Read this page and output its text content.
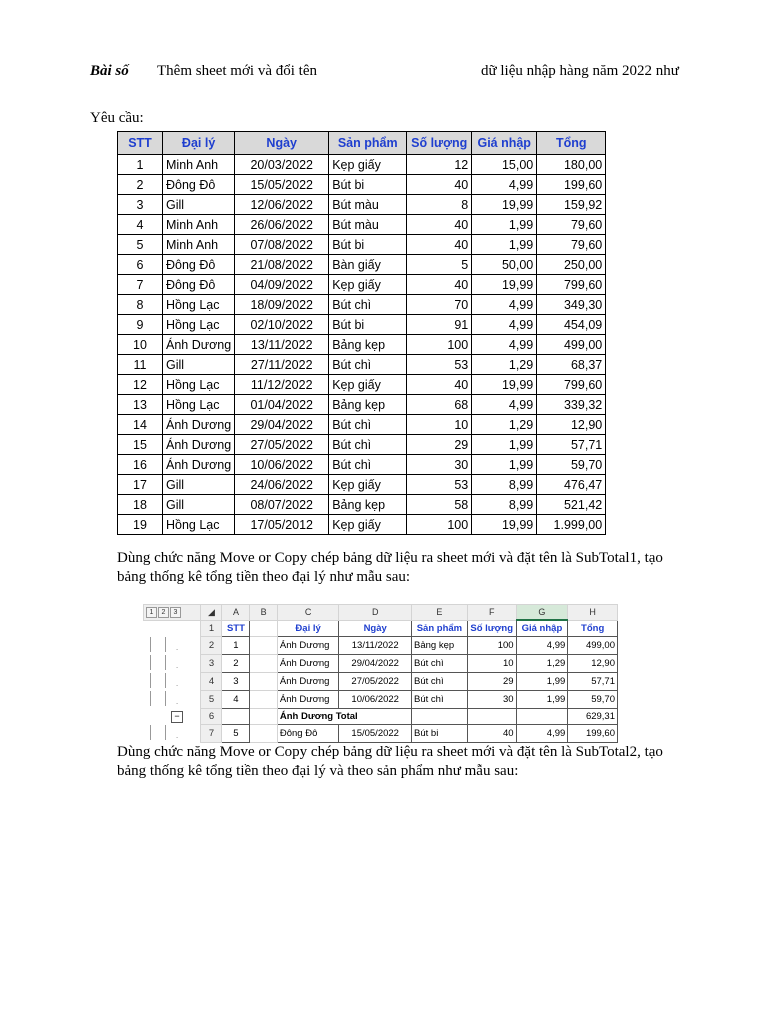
Bài số Thêm sheet mới và đổi tên	dữ liệu nhập hàng năm 2022 như
Yêu cầu:
STT	Đại lý	Ngày	Sản phẩm	Số lượng	Giá nhập	Tổng
1	Minh Anh	20/03/2022	Kẹp giấy	12	15,00	180,00
2	Đông Đô	15/05/2022	Bút bi	40	4,99	199,60
3	Gill	12/06/2022	Bút màu	8	19,99	159,92
4	Minh Anh	26/06/2022	Bút màu	40	1,99	79,60
5	Minh Anh	07/08/2022	Bút bi	40	1,99	79,60
6	Đông Đô	21/08/2022	Bàn giấy	5	50,00	250,00
7	Đông Đô	04/09/2022	Kẹp giấy	40	19,99	799,60
8	Hồng Lạc	18/09/2022	Bút chì	70	4,99	349,30
9	Hồng Lạc	02/10/2022	Bút bi	91	4,99	454,09
10	Ánh Dương	13/11/2022	Bảng kẹp	100	4,99	499,00
11	Gill	27/11/2022	Bút chì	53	1,29	68,37
12	Hồng Lạc	11/12/2022	Kẹp giấy	40	19,99	799,60
13	Hồng Lạc	01/04/2022	Bảng kẹp	68	4,99	339,32
14	Ánh Dương	29/04/2022	Bút chì	10	1,29	12,90
15	Ánh Dương	27/05/2022	Bút chì	29	1,99	57,71
16	Ánh Dương	10/06/2022	Bút chì	30	1,99	59,70
17	Gill	24/06/2022	Kẹp giấy	53	8,99	476,47
18	Gill	08/07/2022	Bảng kẹp	58	8,99	521,42
19	Hồng Lạc	17/05/2012	Kẹp giấy	100	19,99	1.999,00
Dùng chức năng Move or Copy chép bảng dữ liệu ra sheet mới và đặt tên là SubTotal1, tạo
bảng thống kê tổng tiền theo đại lý như mẫu sau:
1 2 3	◢	A	B	C	D	E	F	G	H
	1	STT		Đại lý	Ngày	Sản phẩm	Số lượng	Giá nhập	Tổng
·	2	1		Ánh Dương	13/11/2022	Bảng kẹp	100	4,99	499,00
·	3	2		Ánh Dương	29/04/2022	Bút chì	10	1,29	12,90
·	4	3		Ánh Dương	27/05/2022	Bút chì	29	1,99	57,71
·	5	4		Ánh Dương	10/06/2022	Bút chì	30	1,99	59,70
−	6			Ánh Dương Total					629,31
·	7	5		Đông Đô	15/05/2022	Bút bi	40	4,99	199,60
Dùng chức năng Move or Copy chép bảng dữ liệu ra sheet mới và đặt tên là SubTotal2, tạo
bảng thống kê tổng tiền theo đại lý và theo sản phẩm như mẫu sau:
